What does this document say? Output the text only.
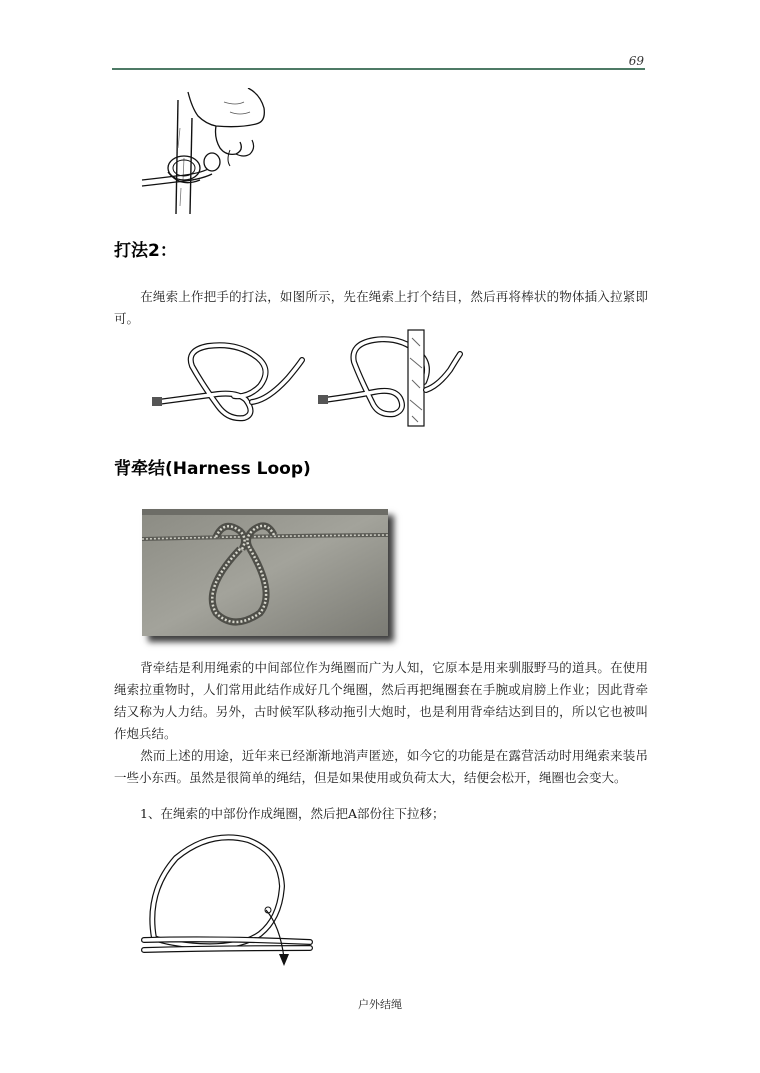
69
打法2：

在绳索上作把手的打法，如图所示，先在绳索上打个结目，然后再将棒状的物体插入拉紧即可。

背牵结(Harness Loop)

背牵结是利用绳索的中间部位作为绳圈而广为人知，它原本是用来驯服野马的道具。在使用绳索拉重物时，人们常用此结作成好几个绳圈，然后再把绳圈套在手腕或肩膀上作业；因此背牵结又称为人力结。另外，古时候军队移动拖引大炮时，也是利用背牵结达到目的，所以它也被叫作炮兵结。

然而上述的用途，近年来已经渐渐地消声匿迹，如今它的功能是在露营活动时用绳索来装吊一些小东西。虽然是很简单的绳结，但是如果使用或负荷太大，结便会松开，绳圈也会变大。

1、在绳索的中部份作成绳圈，然后把A部份往下拉移；

户外结绳
